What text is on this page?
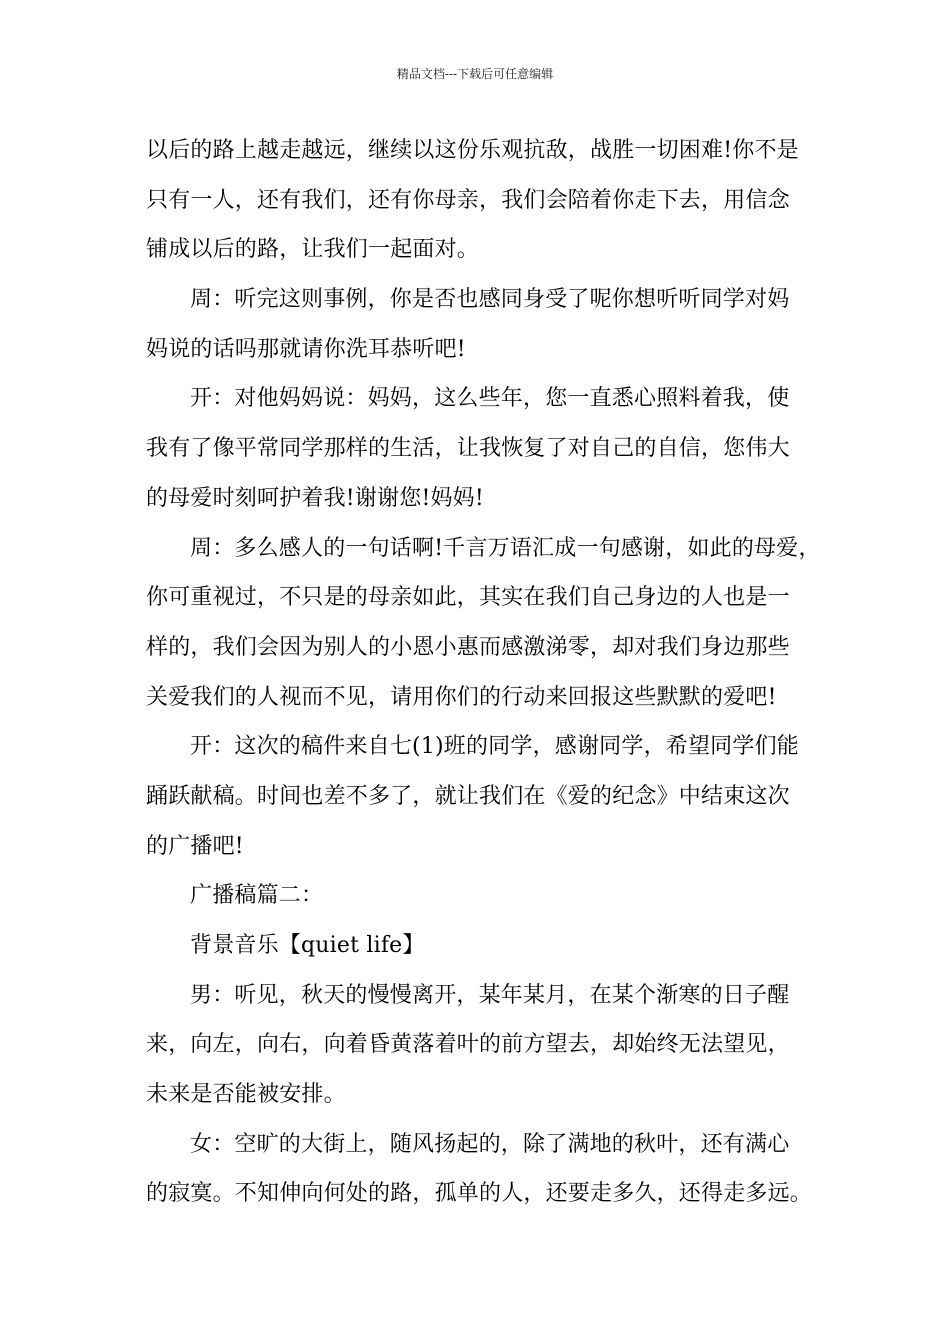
精品文档---下载后可任意编辑
以后的路上越走越远，继续以这份乐观抗敌，战胜一切困难!你不是
只有一人，还有我们，还有你母亲，我们会陪着你走下去，用信念
铺成以后的路，让我们一起面对。
周：听完这则事例，你是否也感同身受了呢你想听听同学对妈
妈说的话吗那就请你洗耳恭听吧!
开：对他妈妈说：妈妈，这么些年，您一直悉心照料着我，使
我有了像平常同学那样的生活，让我恢复了对自己的自信，您伟大
的母爱时刻呵护着我!谢谢您!妈妈!
周：多么感人的一句话啊!千言万语汇成一句感谢，如此的母爱，
你可重视过，不只是的母亲如此，其实在我们自己身边的人也是一
样的，我们会因为别人的小恩小惠而感激涕零，却对我们身边那些
关爱我们的人视而不见，请用你们的行动来回报这些默默的爱吧!
开：这次的稿件来自七(1)班的同学，感谢同学，希望同学们能
踊跃献稿。时间也差不多了，就让我们在《爱的纪念》中结束这次
的广播吧!
广播稿篇二：
背景音乐【quiet life】
男：听见，秋天的慢慢离开，某年某月，在某个渐寒的日子醒
来，向左，向右，向着昏黄落着叶的前方望去，却始终无法望见，
未来是否能被安排。
女：空旷的大街上，随风扬起的，除了满地的秋叶，还有满心
的寂寞。不知伸向何处的路，孤单的人，还要走多久，还得走多远。
